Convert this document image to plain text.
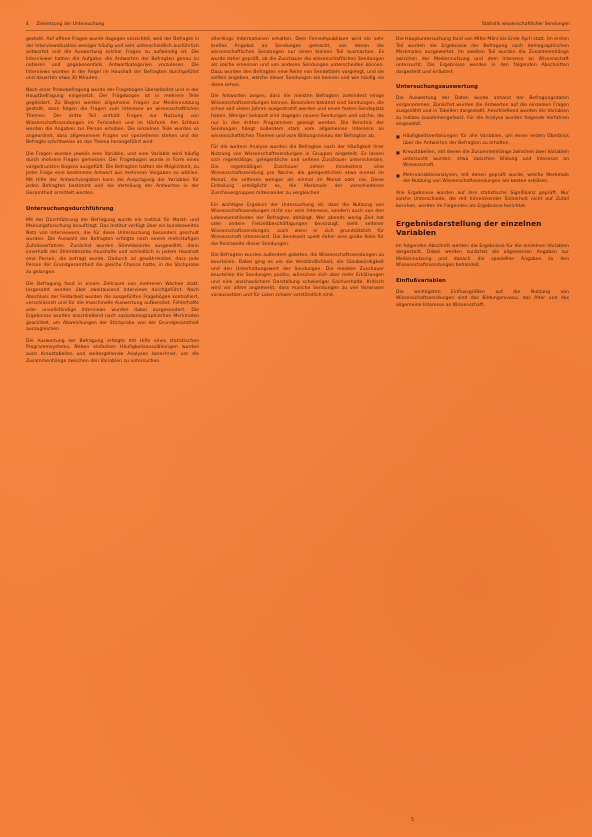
4 Zielsetzung der Untersuchung	Statistik wissenschaftlicher Sendungen

gestellt. Auf offene Fragen wurde dagegen verzichtet, weil der Befragte in der Interviewsituation weniger häufig und sehr unterschiedlich ausführlich antwortet und die Auswertung solcher Fragen zu aufwendig ist. Die Interviewer hatten die Aufgabe, die Antworten der Befragten genau zu notieren und gegebenenfalls Antwortkategorien vorzulesen. Die Interviews wurden in der Regel im Haushalt der Befragten durchgeführt und dauerten etwa 30 Minuten.

Nach einer Probebefragung wurde der Fragebogen überarbeitet und in der Hauptbefragung eingesetzt. Der Fragebogen ist in mehrere Teile gegliedert. Zu Beginn werden allgemeine Fragen zur Mediennutzung gestellt, dann folgen die Fragen zum Interesse an wissenschaftlichen Themen. Der dritte Teil enthält Fragen zur Nutzung von Wissenschaftssendungen im Fernsehen und im Hörfunk. Am Schluss werden die Angaben zur Person erhoben. Die einzelnen Teile wurden so angeordnet, dass allgemeinere Fragen vor spezielleren stehen und der Befragte schrittweise an das Thema herangeführt wird.

Die Fragen wurden jeweils eine Variable, und eine Variable wird häufig durch mehrere Fragen gemessen. Der Fragebogen wurde in Form eines vorgedruckten Bogens ausgefüllt. Die Befragten hatten die Möglichkeit, zu jeder Frage eine bestimmte Antwort aus mehreren Vorgaben zu wählen. Mit Hilfe der Antwortvorgaben kann die Ausprägung der Variablen für jeden Befragten bestimmt und die Verteilung der Antworten in der Gesamtheit ermittelt werden.

Untersuchungsdurchführung

Mit der Durchführung der Befragung wurde ein Institut für Markt- und Meinungsforschung beauftragt. Das Institut verfügt über ein bundesweites Netz von Interviewern, die für diese Untersuchung besonders geschult wurden. Die Auswahl der Befragten erfolgte nach einem mehrstufigen Zufallsverfahren. Zunächst wurden Stimmbezirke ausgewählt, dann innerhalb der Stimmbezirke Haushalte und schließlich in jedem Haushalt eine Person, die befragt wurde. Dadurch ist gewährleistet, dass jede Person der Grundgesamtheit die gleiche Chance hatte, in die Stichprobe zu gelangen.

Die Befragung fand in einem Zeitraum von mehreren Wochen statt. Insgesamt wurden über zweitausend Interviews durchgeführt. Nach Abschluss der Feldarbeit wurden die ausgefüllten Fragebögen kontrolliert, verschlüsselt und für die maschinelle Auswertung aufbereitet. Fehlerhafte oder unvollständige Interviews wurden dabei ausgesondert. Die Ergebnisse wurden anschließend nach soziodemographischen Merkmalen gewichtet, um Abweichungen der Stichprobe von der Grundgesamtheit auszugleichen.

Die Auswertung der Befragung erfolgte mit Hilfe eines statistischen Programmsystems. Neben einfachen Häufigkeitsauszählungen wurden auch Kreuztabellen und weitergehende Analysen berechnet, um die Zusammenhänge zwischen den Variablen zu untersuchen.

allerdings Informationen erhalten. Dem Fernsehpublikum wird ein sehr breites Angebot an Sendungen gemacht, von denen die wissenschaftlichen Sendungen nur einen kleinen Teil ausmachen. Es wurde daher geprüft, ob die Zuschauer die wissenschaftlichen Sendungen als solche erkennen und von anderen Sendungen unterscheiden können. Dazu wurden den Befragten eine Reihe von Sendetiteln vorgelegt, und sie sollten angeben, welche dieser Sendungen sie kennen und wie häufig sie diese sehen.

Die Antworten zeigen, dass die meisten Befragten zumindest einige Wissenschaftssendungen kennen. Besonders bekannt sind Sendungen, die schon seit vielen Jahren ausgestrahlt werden und einen festen Sendeplatz haben. Weniger bekannt sind dagegen neuere Sendungen und solche, die nur in den dritten Programmen gezeigt werden. Die Kenntnis der Sendungen hängt außerdem stark vom allgemeinen Interesse an wissenschaftlichen Themen und vom Bildungsniveau der Befragten ab.

Für die weitere Analyse wurden die Befragten nach der Häufigkeit ihrer Nutzung von Wissenschaftssendungen in Gruppen eingeteilt. Es lassen sich regelmäßige, gelegentliche und seltene Zuschauer unterscheiden. Die regelmäßigen Zuschauer sehen mindestens eine Wissenschaftssendung pro Woche, die gelegentlichen etwa einmal im Monat, die seltenen weniger als einmal im Monat oder nie. Diese Einteilung ermöglicht es, die Merkmale der verschiedenen Zuschauergruppen miteinander zu vergleichen.

Ein wichtiges Ergebnis der Untersuchung ist, dass die Nutzung von Wissenschaftssendungen nicht nur vom Interesse, sondern auch von den Lebensumständen der Befragten abhängt. Wer abends wenig Zeit hat oder andere Freizeitbeschäftigungen bevorzugt, sieht seltener Wissenschaftssendungen, auch wenn er sich grundsätzlich für Wissenschaft interessiert. Die Sendezeit spielt daher eine große Rolle für die Reichweite dieser Sendungen.

Die Befragten wurden außerdem gebeten, die Wissenschaftssendungen zu beurteilen. Dabei ging es um die Verständlichkeit, die Glaubwürdigkeit und den Unterhaltungswert der Sendungen. Die meisten Zuschauer beurteilen die Sendungen positiv, wünschen sich aber mehr Erklärungen und eine anschaulichere Darstellung schwieriger Sachverhalte. Kritisch wird vor allem angemerkt, dass manche Sendungen zu viel Vorwissen voraussetzen und für Laien schwer verständlich sind.

Die Hauptuntersuchung fand von Mitte März bis Ende April statt. Im ersten Teil wurden die Ergebnisse der Befragung nach demographischen Merkmalen ausgewertet. Im zweiten Teil wurden die Zusammenhänge zwischen der Mediennutzung und dem Interesse an Wissenschaft untersucht. Die Ergebnisse werden in den folgenden Abschnitten dargestellt und erläutert.

Untersuchungsauswertung

Die Auswertung der Daten wurde anhand der Befragungsdaten vorgenommen. Zunächst wurden die Antworten auf die einzelnen Fragen ausgezählt und in Tabellen dargestellt. Anschließend wurden die Variablen zu Indizes zusammengefasst. Für die Analyse wurden folgende Verfahren eingesetzt:

■ Häufigkeitsverteilungen für alle Variablen, um einen ersten Überblick über die Antworten der Befragten zu erhalten.
■ Kreuztabellen, mit denen die Zusammenhänge zwischen zwei Variablen untersucht wurden, etwa zwischen Bildung und Interesse an Wissenschaft.
■ Mehrvariablenanalysen, mit denen geprüft wurde, welche Merkmale die Nutzung von Wissenschaftssendungen am besten erklären.

Alle Ergebnisse wurden auf ihre statistische Signifikanz geprüft. Nur solche Unterschiede, die mit hinreichender Sicherheit nicht auf Zufall beruhen, werden im Folgenden als Ergebnisse berichtet.

Ergebnisdarstellung der einzelnen Variablen

Im folgenden Abschnitt werden die Ergebnisse für die einzelnen Variablen dargestellt. Dabei werden zunächst die allgemeinen Angaben zur Mediennutzung und danach die speziellen Angaben zu den Wissenschaftssendungen behandelt.

Einflußvariablen

Die wichtigsten Einflussgrößen auf die Nutzung von Wissenschaftssendungen sind das Bildungsniveau, das Alter und das allgemeine Interesse an Wissenschaft.

5
